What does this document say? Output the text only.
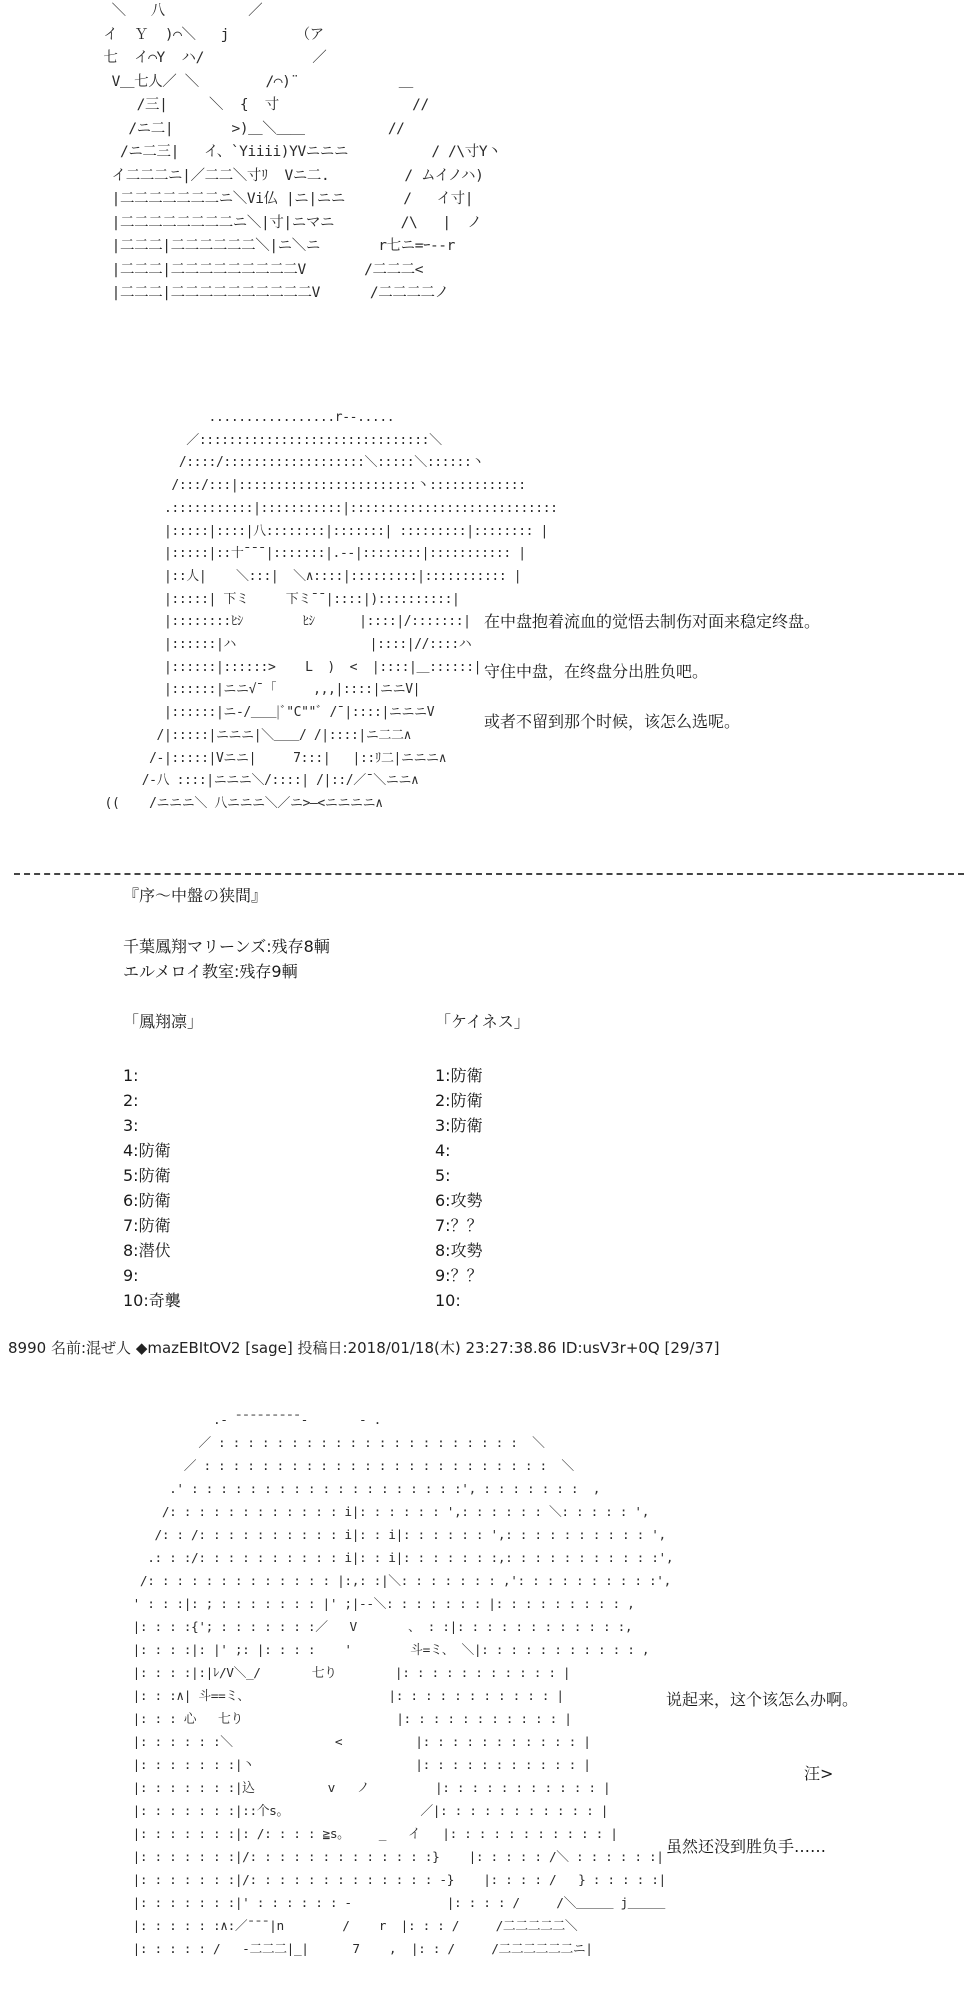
＼   八          ／
イ  Ｙ  )⌒＼   j        （ア
七  イ⌒Y  ハ/             ／
V＿七人／ ＼        /⌒)¨            ＿
/三|     ＼  {  寸                //
/ニ二|       >)＿＼＿＿          //
/ニ二三|   イ、`Yiiii)YVニニニ          / /\寸Y丶
イ二二二ニ|／二二＼寸ﾘ  Vニ二.         / ムイノハ)
|二二二二二二二ニ＼Vi仏 |ニ|ニニ       /   イ寸|
|二二二二二二二二ニ＼|寸|ニマニ        /\   |  ノ
|二二二|二二二二二二＼|ニ＼ニ       r七ニ=ｰ--r
|二二二|二二二二二二二二二V       /二二二<
|二二二|二二二二二二二二二二V      /二二二二ノ
.................r-‐.....
／:::::::::::::::::::::::::::::::＼
/::::/:::::::::::::::::::＼:::::＼::::::丶
/:::/:::|::::::::::::::::::::::::丶:::::::::::::
.:::::::::::|:::::::::::|::::::::::::::::::::::::::::
|:::::|::::|八::::::::|:::::::| :::::::::|:::::::: |
|:::::|::十¯¯¯|:::::::|.-‐|::::::::|::::::::::: |
|::人|    ＼:::|  ＼∧::::|:::::::::|::::::::::: |
|:::::| 下ミ     下ミ¯¯|::::|)::::::::::|
|::::::::ﾋｼ        ﾋｼ      |::::|/:::::::|
|::::::|ハ                  |::::|//::::ハ
|::::::|::::::>    L  )  <  |::::|＿::::::|
|::::::|ニニ√¯「     ,,,|::::|ニニV|
|::::::|ニ‐/＿＿|ﾞ"C""ﾞ /¯|::::|ニニニV
/|:::::|ニニニ|＼＿＿/ /|::::|ニ二二∧
/‐|:::::|Vニニ|     7:::|   |::ﾘ二|ニニニ∧
/‐八 ::::|ニニニ＼/::::| /|::/／¯＼ニニ∧
((    /ニニニ＼ 八ニニニ＼／ニ>―<ニニニニ∧
在中盘抱着流血的觉悟去制伤对面来稳定终盘。
守住中盘，在终盘分出胜负吧。
或者不留到那个时候，该怎么选呢。
『序～中盤の狭間』
千葉鳳翔マリーンズ:残存8輌
エルメロイ教室:残存9輌
「鳳翔凛」	「ケイネス」
1:
2:
3:
4:防衛
5:防衛
6:防衛
7:防衛
8:潜伏
9:
10:奇襲
1:防衛
2:防衛
3:防衛
4:
5:
6:攻勢
7:？？
8:攻勢
9:？？
10:
8990 名前:混ぜ人 ◆mazEBItOV2 [sage] 投稿日:2018/01/18(木) 23:27:38.86 ID:usV3r+0Q [29/37]
.‐ ¯¯¯¯¯¯¯¯¯‐       ‐ .
／ : : : : : : : : : : : : : : : : : : : : :  ＼
／ : : : : : : : : : : : : : : : : : : : : : : : :  ＼
.' : : : : : : : : : : : : : : : : : : :', : : : : : : :  ,
/: : : : : : : : : : : : i|: : : : : : ',: : : : : : ＼: : : : : ',
/: : /: : : : : : : : : : i|: : i|: : : : : : ',: : : : : : : : : : ',
.: : :/: : : : : : : : : : i|: : i|: : : : : : :,: : : : : : : : : : :',
/: : : : : : : : : : : : : |:,: :|＼: : : : : : : ,': : : : : : : : : :',
' : : :|: ; : : : : : : : |' ;|‐‐＼: : : : : : : |: : : : : : : : : ,
|: : : :{'; : : : : : : :／   V       、 : :|: : : : : : : : : : : :,
|: : : :|: |' ;: |: : : :    '        斗=ミ、 ＼|: : : : : : : : : : : ,
|: : : :|:|ﾚ/V＼_/       七り        |: : : : : : : : : : : |
|: : :∧| 斗==ミ、                   |: : : : : : : : : : : |
|: : : 心   七り                     |: : : : : : : : : : : |
|: : : : : :＼              <          |: : : : : : : : : : : |
|: : : : : : :|丶                      |: : : : : : : : : : : |
|: : : : : : :|込          v   ノ         |: : : : : : : : : : : |
|: : : : : : :|::个s。                  ／|: : : : : : : : : : : |
|: : : : : : :|: /: : : : ≧s。    _   イ   |: : : : : : : : : : : |
|: : : : : : :|/: : : : : : : : : : : : :}    |: : : : : /＼ : : : : : :|
|: : : : : : :|/: : : : : : : : : : : : : -}    |: : : : /   } : : : : :|
|: : : : : : :|' : : : : : : -             |: : : : /     /＼＿＿＿ j＿＿＿
|: : : : : :∧:／¯¯¯|n        /    r  |: : : /     /二二二二二＼
|: : : : : /   ‐二二二|_|      7    ,  |: : /     /二二二二二二ニ|
说起来，这个该怎么办啊。
汪>
虽然还没到胜负手……
